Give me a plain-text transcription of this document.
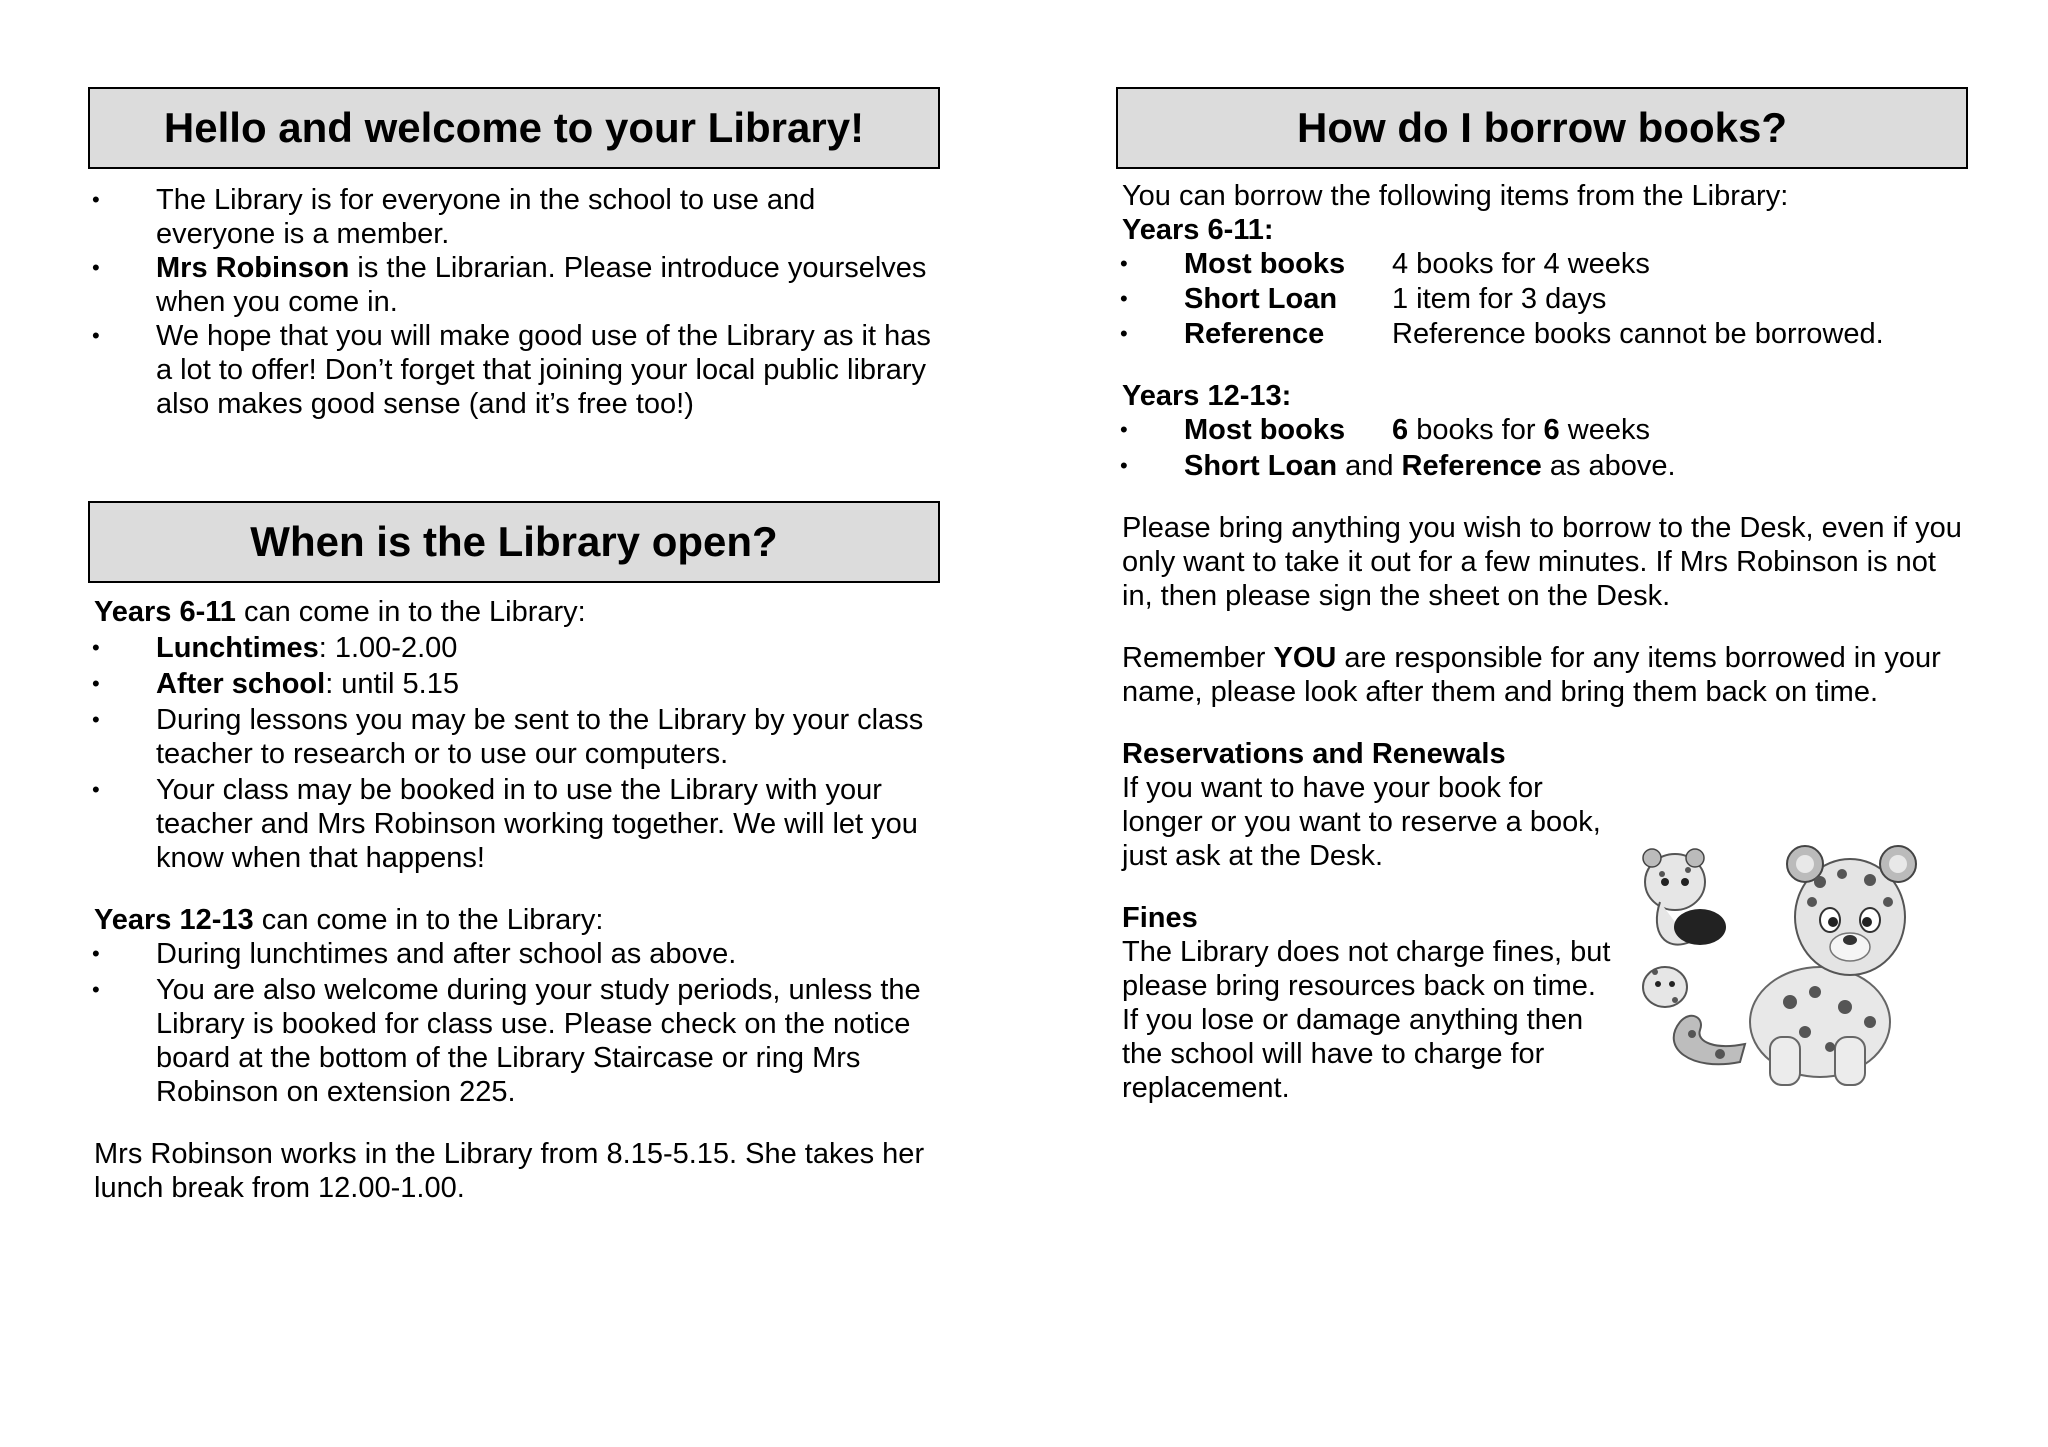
Hello and welcome to your Library!
• The Library is for everyone in the school to use and everyone is a member.
• Mrs Robinson is the Librarian. Please introduce yourselves when you come in.
• We hope that you will make good use of the Library as it has a lot to offer! Don’t forget that joining your local public library also makes good sense (and it’s free too!)
When is the Library open?
Years 6-11 can come in to the Library:
• Lunchtimes: 1.00-2.00
• After school: until 5.15
• During lessons you may be sent to the Library by your class teacher to research or to use our computers.
• Your class may be booked in to use the Library with your teacher and Mrs Robinson working together. We will let you know when that happens!
Years 12-13 can come in to the Library:
• During lunchtimes and after school as above.
• You are also welcome during your study periods, unless the Library is booked for class use. Please check on the notice board at the bottom of the Library Staircase or ring Mrs Robinson on extension 225.
Mrs Robinson works in the Library from 8.15-5.15. She takes her lunch break from 12.00-1.00.
How do I borrow books?
You can borrow the following items from the Library:
Years 6-11:
• Most books 4 books for 4 weeks
• Short Loan 1 item for 3 days
• Reference Reference books cannot be borrowed.
Years 12-13:
• Most books 6 books for 6 weeks
• Short Loan and Reference as above.
Please bring anything you wish to borrow to the Desk, even if you only want to take it out for a few minutes. If Mrs Robinson is not in, then please sign the sheet on the Desk.
Remember YOU are responsible for any items borrowed in your name, please look after them and bring them back on time.
Reservations and Renewals
If you want to have your book for
longer or you want to reserve a book,
just ask at the Desk.
Fines
The Library does not charge fines, but
please bring resources back on time.
If you lose or damage anything then
the school will have to charge for
replacement.
